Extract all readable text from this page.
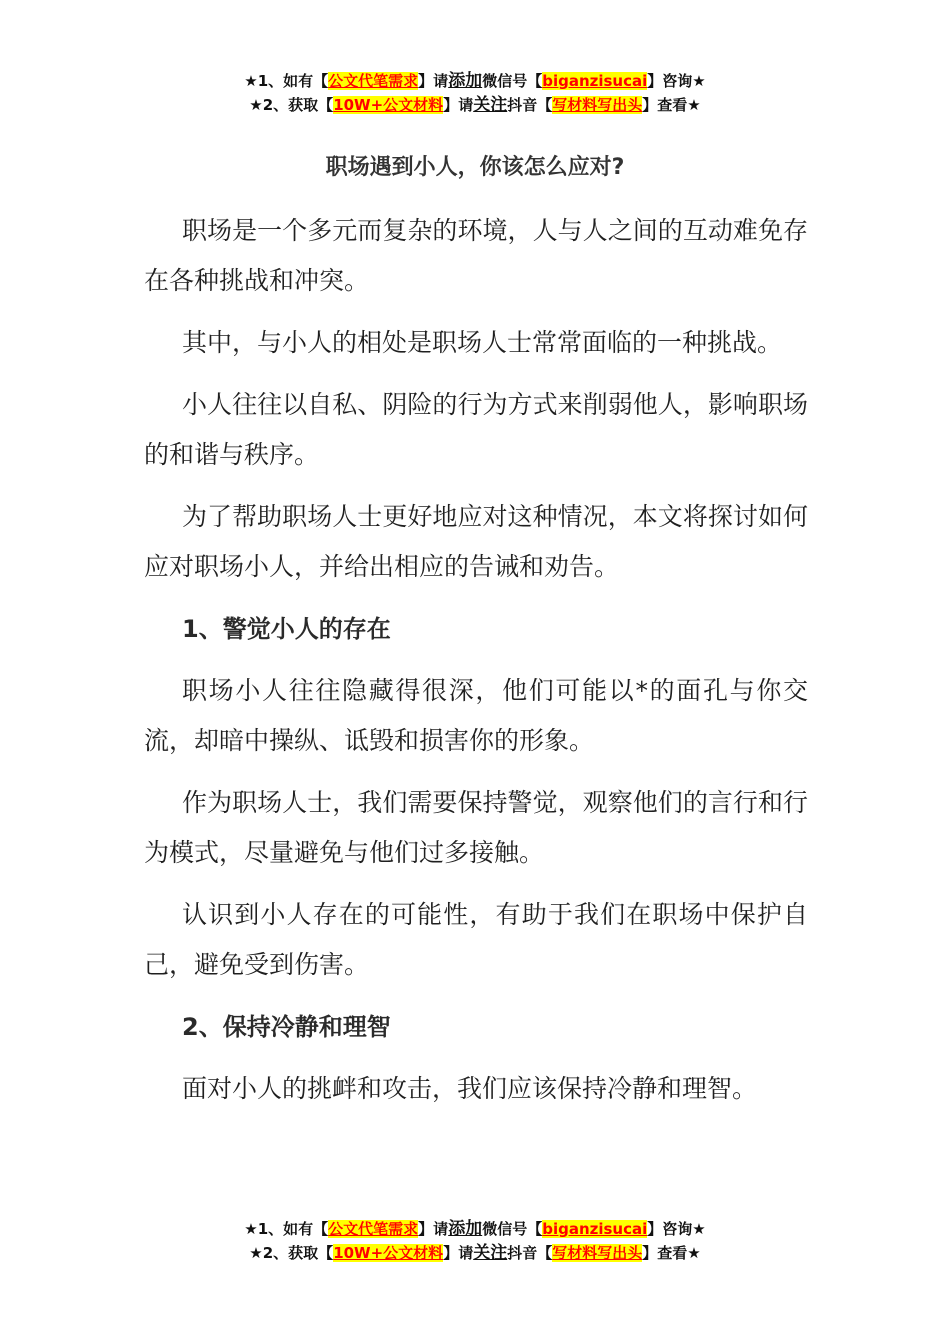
★1、如有【公文代笔需求】请添加微信号【biganzisucai】咨询★
★2、获取【10W+公文材料】请关注抖音【写材料写出头】查看★
职场遇到小人，你该怎么应对?

职场是一个多元而复杂的环境，人与人之间的互动难免存在各种挑战和冲突。

其中，与小人的相处是职场人士常常面临的一种挑战。

小人往往以自私、阴险的行为方式来削弱他人，影响职场的和谐与秩序。

为了帮助职场人士更好地应对这种情况，本文将探讨如何应对职场小人，并给出相应的告诫和劝告。

1、警觉小人的存在

职场小人往往隐藏得很深，他们可能以*的面孔与你交流，却暗中操纵、诋毁和损害你的形象。

作为职场人士，我们需要保持警觉，观察他们的言行和行为模式，尽量避免与他们过多接触。

认识到小人存在的可能性，有助于我们在职场中保护自己，避免受到伤害。

2、保持冷静和理智

面对小人的挑衅和攻击，我们应该保持冷静和理智。

★1、如有【公文代笔需求】请添加微信号【biganzisucai】咨询★
★2、获取【10W+公文材料】请关注抖音【写材料写出头】查看★
